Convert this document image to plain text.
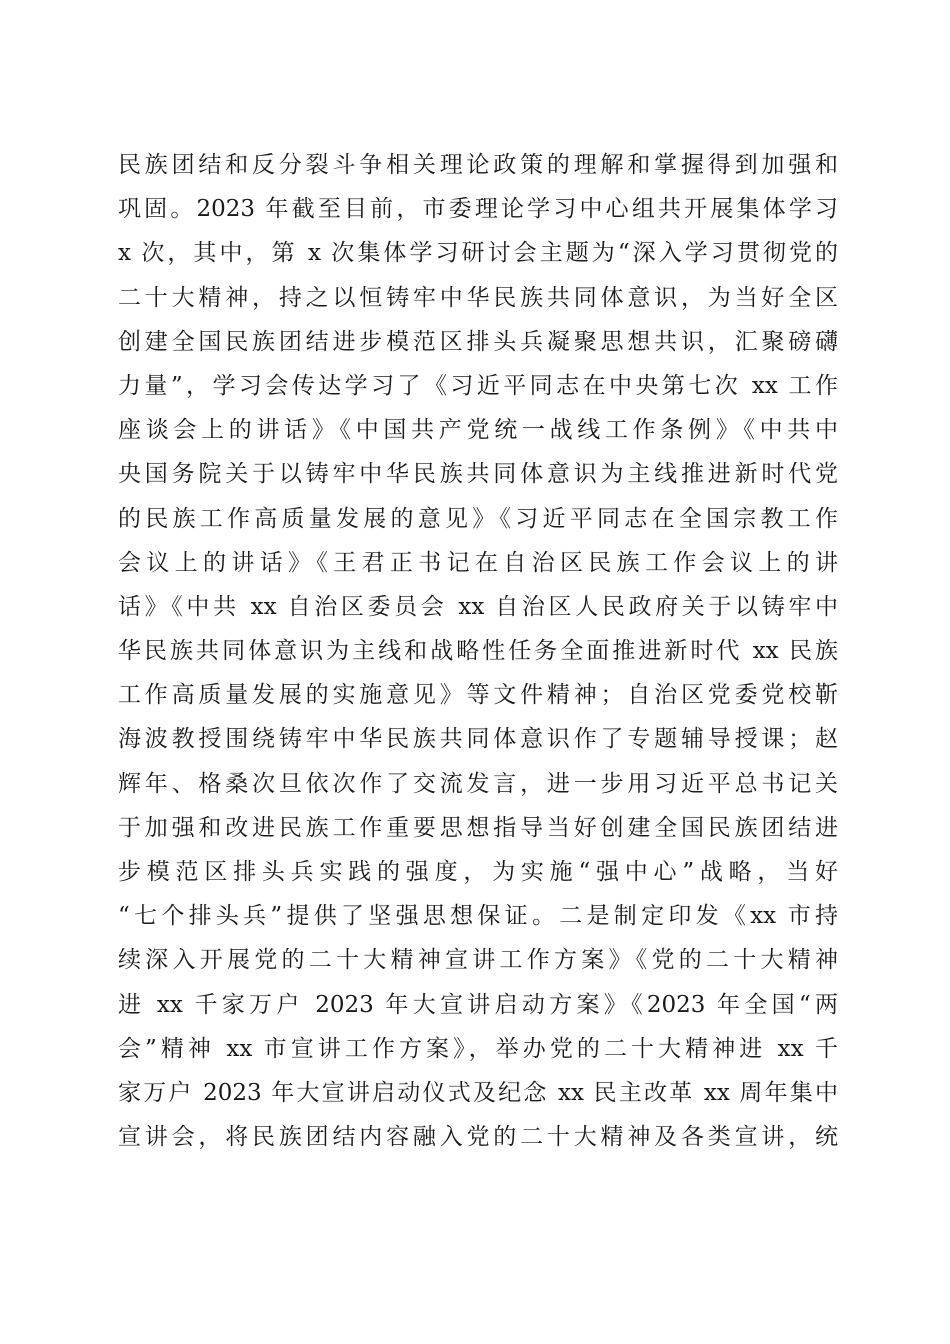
民族团结和反分裂斗争相关理论政策的理解和掌握得到加强和
巩固。2023 年截至目前，市委理论学习中心组共开展集体学习
x 次，其中，第 x 次集体学习研讨会主题为“深入学习贯彻党的
二十大精神，持之以恒铸牢中华民族共同体意识，为当好全区
创建全国民族团结进步模范区排头兵凝聚思想共识，汇聚磅礴
力量”，学习会传达学习了《习近平同志在中央第七次 xx 工作
座谈会上的讲话》《中国共产党统一战线工作条例》《中共中
央国务院关于以铸牢中华民族共同体意识为主线推进新时代党
的民族工作高质量发展的意见》《习近平同志在全国宗教工作
会议上的讲话》《王君正书记在自治区民族工作会议上的讲
话》《中共 xx 自治区委员会 xx 自治区人民政府关于以铸牢中
华民族共同体意识为主线和战略性任务全面推进新时代 xx 民族
工作高质量发展的实施意见》等文件精神；自治区党委党校靳
海波教授围绕铸牢中华民族共同体意识作了专题辅导授课；赵
辉年、格桑次旦依次作了交流发言，进一步用习近平总书记关
于加强和改进民族工作重要思想指导当好创建全国民族团结进
步模范区排头兵实践的强度，为实施“强中心”战略，当好
“七个排头兵”提供了坚强思想保证。二是制定印发《xx 市持
续深入开展党的二十大精神宣讲工作方案》《党的二十大精神
进 xx 千家万户 2023 年大宣讲启动方案》《2023 年全国“两
会”精神 xx 市宣讲工作方案》，举办党的二十大精神进 xx 千
家万户 2023 年大宣讲启动仪式及纪念 xx 民主改革 xx 周年集中
宣讲会，将民族团结内容融入党的二十大精神及各类宣讲，统
